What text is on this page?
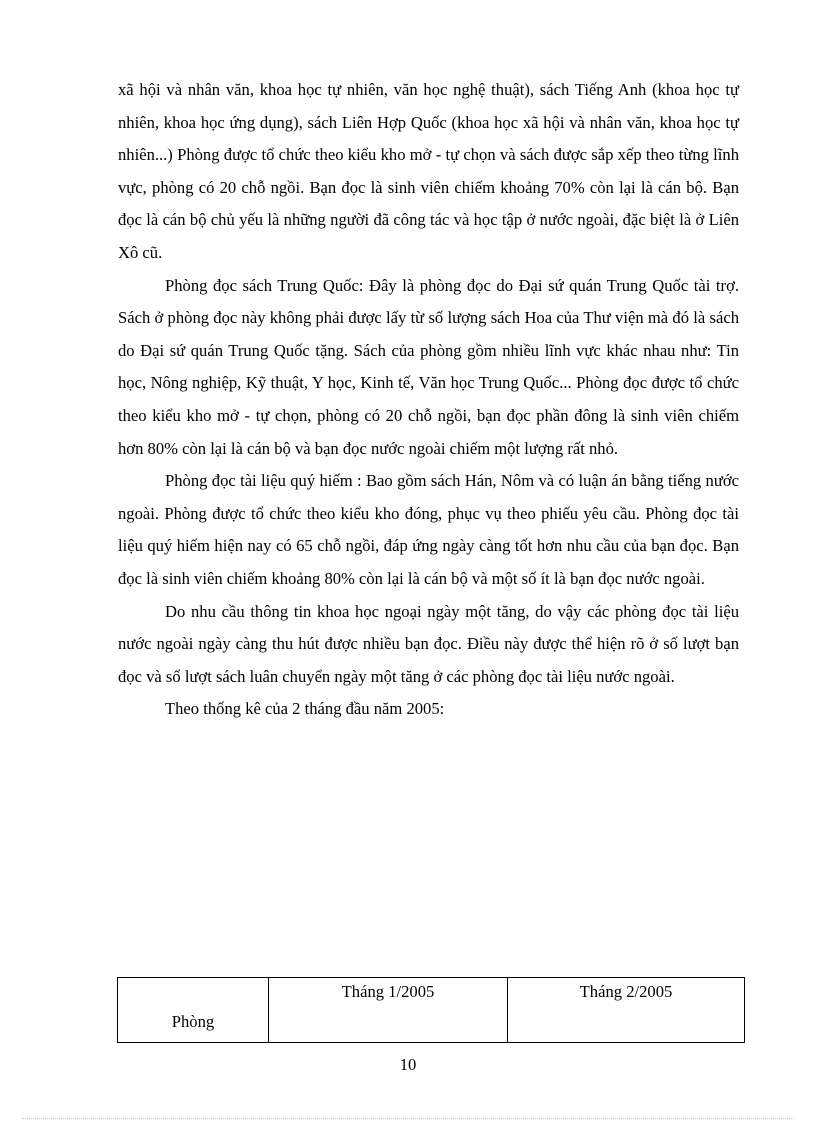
xã hội và nhân văn, khoa học tự nhiên, văn học nghệ thuật), sách Tiếng Anh (khoa học tự nhiên, khoa học ứng dụng), sách Liên Hợp Quốc (khoa học xã hội và nhân văn, khoa học tự nhiên...) Phòng được tổ chức theo kiểu kho mở - tự chọn và sách được sắp xếp theo từng lĩnh vực, phòng có 20 chỗ ngồi. Bạn đọc là sinh viên chiếm khoảng 70% còn lại là cán bộ. Bạn đọc là cán bộ chủ yếu là những người đã công tác và học tập ở nước ngoài, đặc biệt là ở Liên Xô cũ.

Phòng đọc sách Trung Quốc: Đây là phòng đọc do Đại sứ quán Trung Quốc tài trợ. Sách ở phòng đọc này không phải được lấy từ số lượng sách Hoa của Thư viện mà đó là sách do Đại sứ quán Trung Quốc tặng. Sách của phòng gồm nhiều lĩnh vực khác nhau như: Tin học, Nông nghiệp, Kỹ thuật, Y học, Kinh tế, Văn học Trung Quốc... Phòng đọc được tổ chức theo kiểu kho mở - tự chọn, phòng có 20 chỗ ngồi, bạn đọc phần đông là sinh viên chiếm hơn 80% còn lại là cán bộ và bạn đọc nước ngoài chiếm một lượng rất nhỏ.

Phòng đọc tài liệu quý hiếm : Bao gồm sách Hán, Nôm và có luận án bằng tiếng nước ngoài. Phòng được tổ chức theo kiểu kho đóng, phục vụ theo phiếu yêu cầu. Phòng đọc tài liệu quý hiếm hiện nay có 65 chỗ ngồi, đáp ứng ngày càng tốt hơn nhu cầu của bạn đọc. Bạn đọc là sinh viên chiếm khoảng 80% còn lại là cán bộ và một số ít là bạn đọc nước ngoài.

Do nhu cầu thông tin khoa học ngoại ngày một tăng, do vậy các phòng đọc tài liệu nước ngoài ngày càng thu hút được nhiều bạn đọc. Điều này được thể hiện rõ ở số lượt bạn đọc và số lượt sách luân chuyển ngày một tăng ở các phòng đọc tài liệu nước ngoài.

Theo thống kê của 2 tháng đầu năm 2005:

Phòng	Tháng 1/2005	Tháng 2/2005
10
